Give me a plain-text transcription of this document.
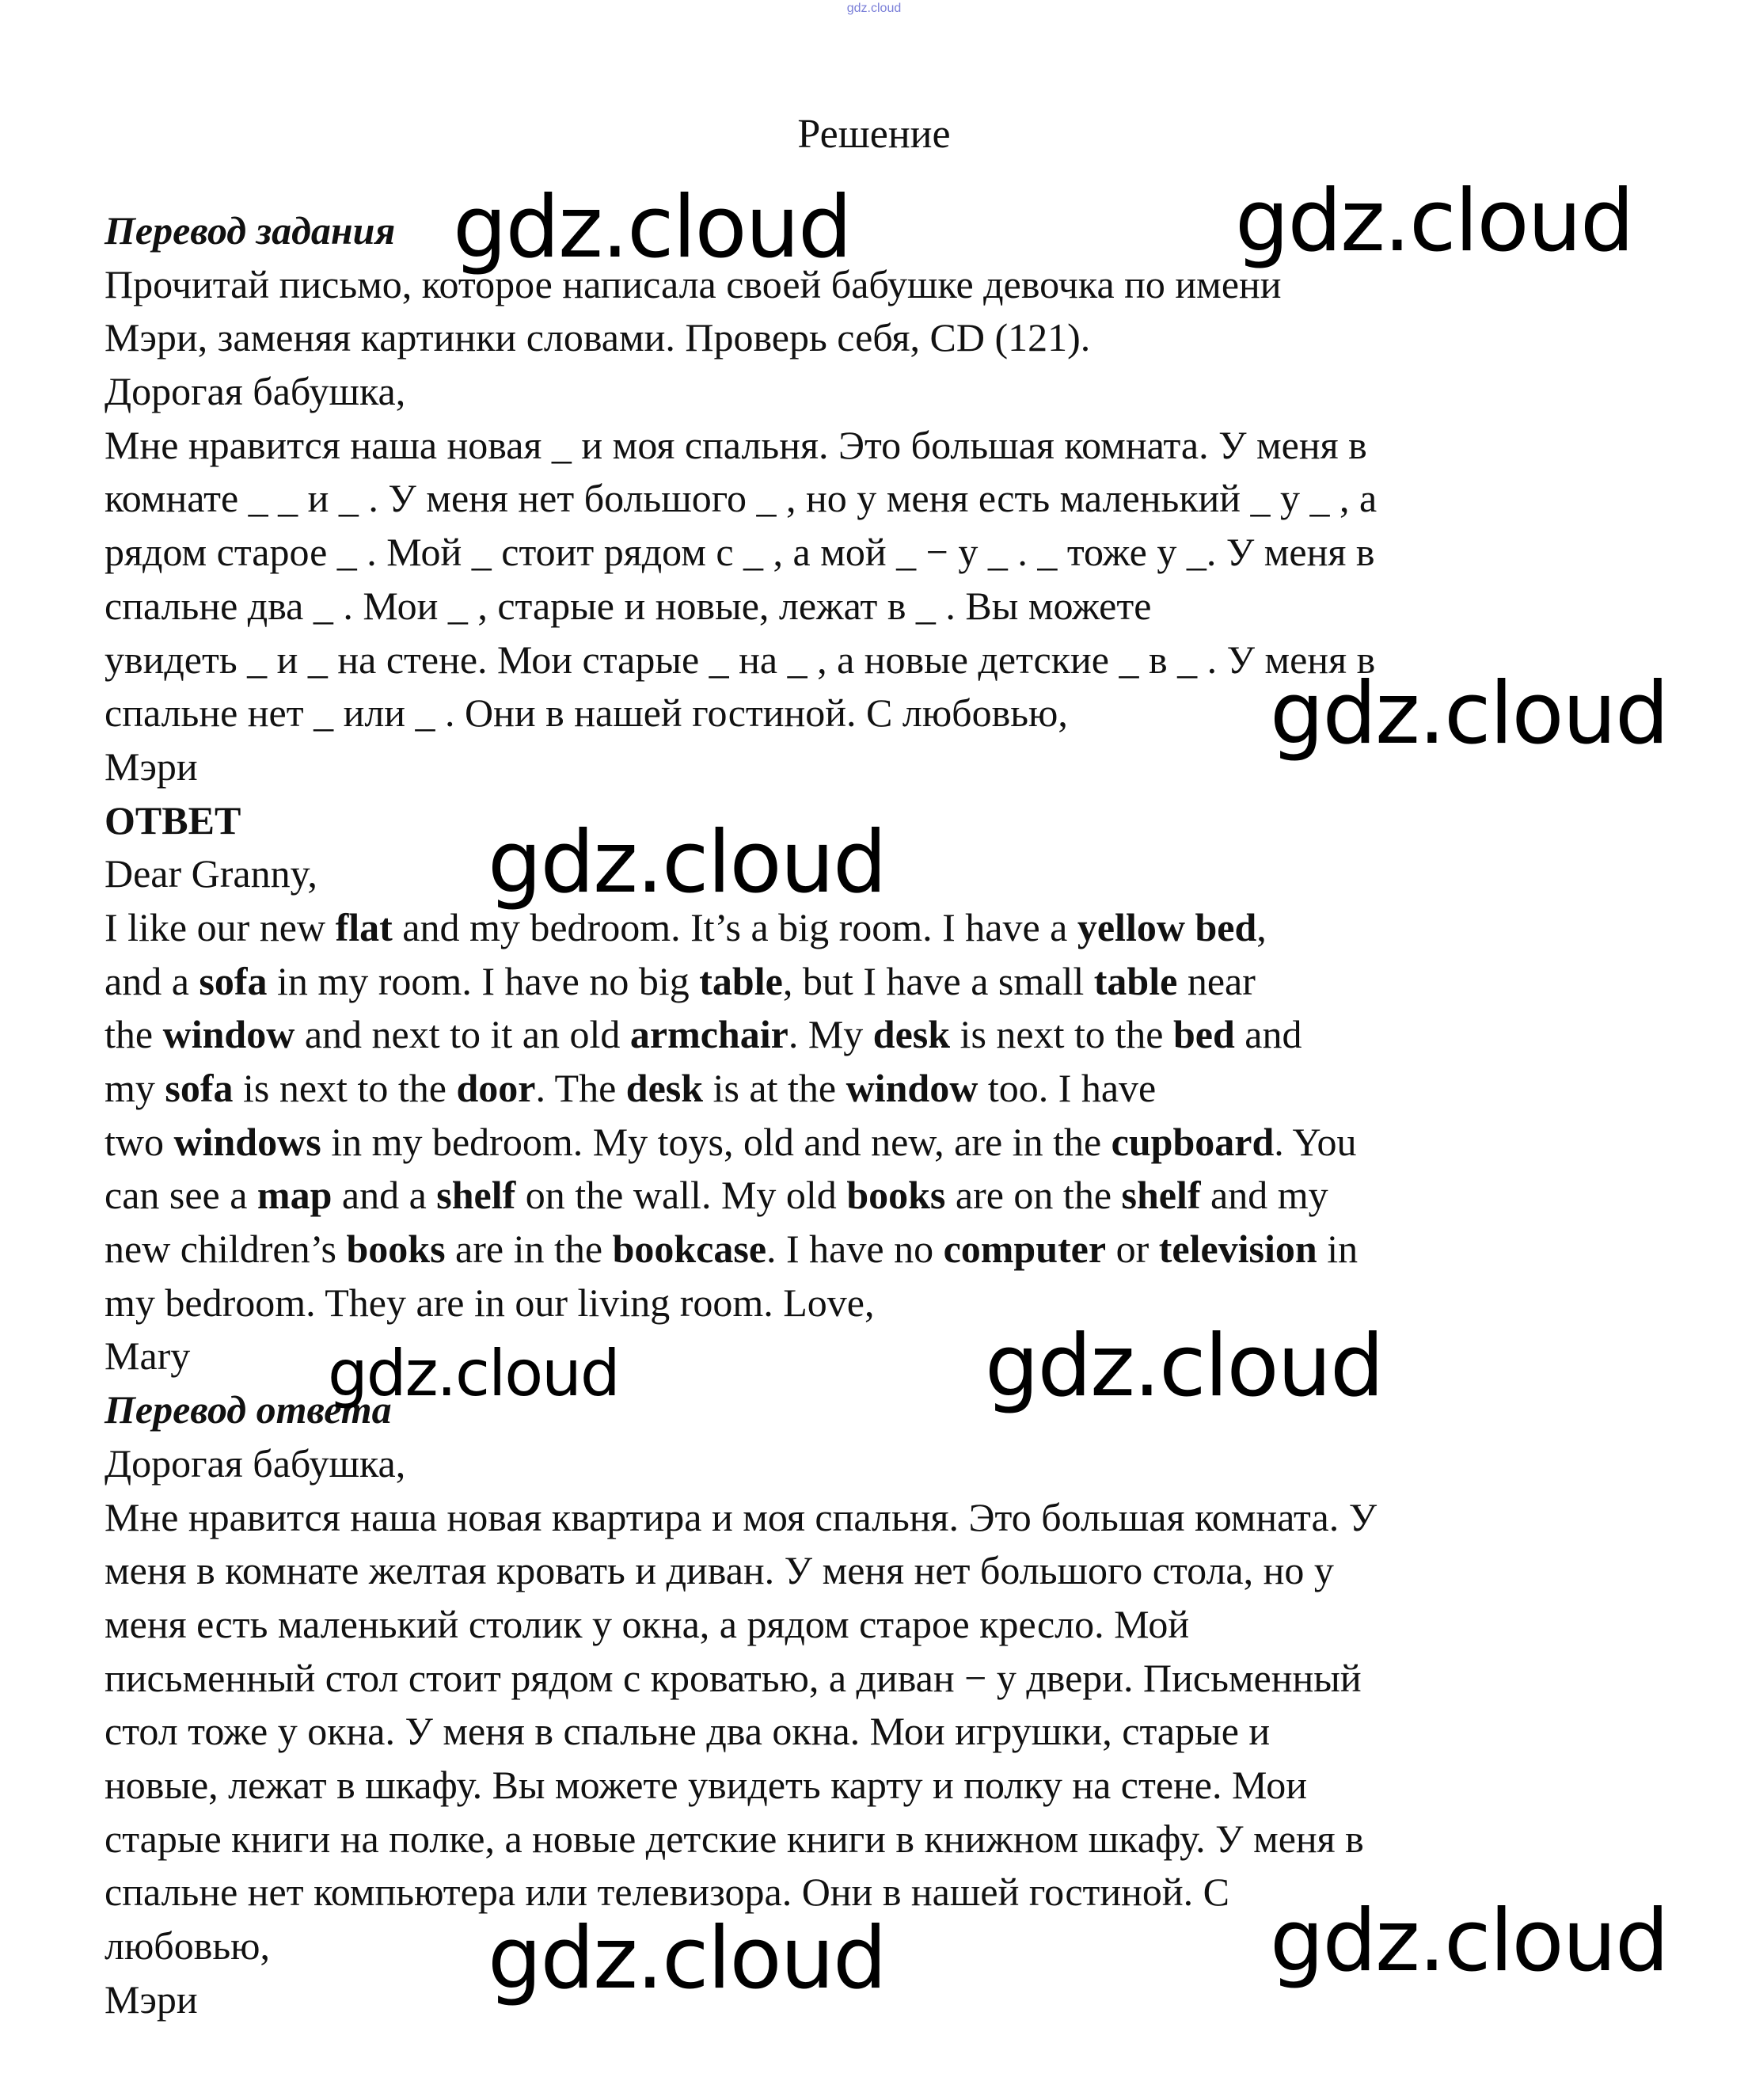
gdz.cloud
Решение
Перевод задания
Прочитай письмо, которое написала своей бабушке девочка по имени
Мэри, заменяя картинки словами. Проверь себя, CD (121).
Дорогая бабушка,
Мне нравится наша новая _ и моя спальня. Это большая комната. У меня в
комнате _ _ и _ . У меня нет большого _ , но у меня есть маленький _ у _ , а
рядом старое _ . Мой _ стоит рядом с _ , а мой _ − у _ . _ тоже у _. У меня в
спальне два _ . Мои _ , старые и новые, лежат в _ . Вы можете
увидеть _ и _ на стене. Мои старые _ на _ , а новые детские _ в _ . У меня в
спальне нет _ или _ . Они в нашей гостиной. С любовью,
Мэри
ОТВЕТ
Dear Granny,
I like our new flat and my bedroom. It’s a big room. I have a yellow bed,
and a sofa in my room. I have no big table, but I have a small table near
the window and next to it an old armchair. My desk is next to the bed and
my sofa is next to the door. The desk is at the window too. I have
two windows in my bedroom. My toys, old and new, are in the cupboard. You
can see a map and a shelf on the wall. My old books are on the shelf and my
new children’s books are in the bookcase. I have no computer or television in
my bedroom. They are in our living room. Love,
Mary
Перевод ответа
Дорогая бабушка,
Мне нравится наша новая квартира и моя спальня. Это большая комната. У
меня в комнате желтая кровать и диван. У меня нет большого стола, но у
меня есть маленький столик у окна, а рядом старое кресло. Мой
письменный стол стоит рядом с кроватью, а диван − у двери. Письменный
стол тоже у окна. У меня в спальне два окна. Мои игрушки, старые и
новые, лежат в шкафу. Вы можете увидеть карту и полку на стене. Мои
старые книги на полке, а новые детские книги в книжном шкафу. У меня в
спальне нет компьютера или телевизора. Они в нашей гостиной. С
любовью,
Мэри
gdz.cloud	gdz.cloud
gdz.cloud
gdz.cloud
gdz.cloud	gdz.cloud
gdz.cloud	gdz.cloud
